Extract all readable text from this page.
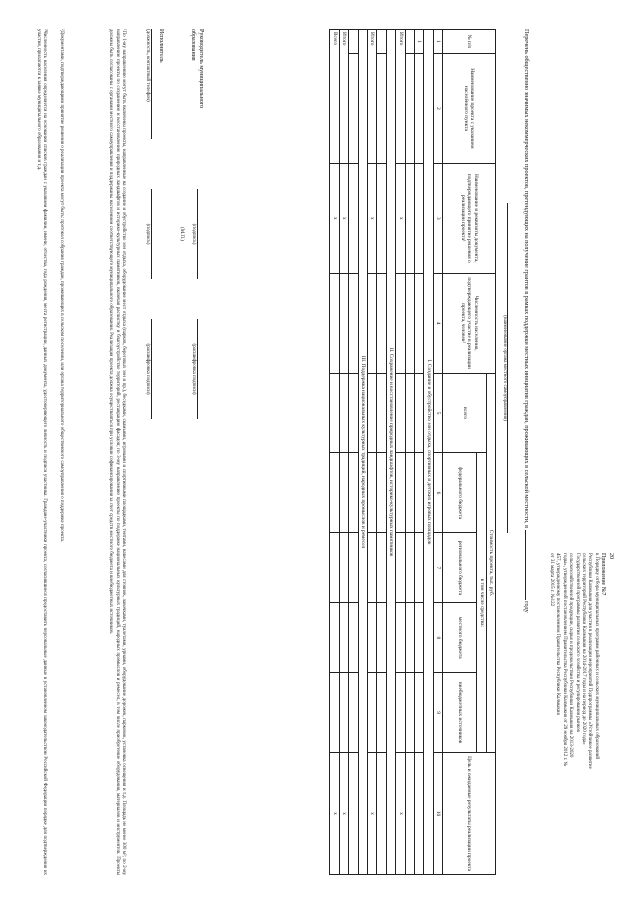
20
Приложение №7
к Порядку отбора муниципальных программ районных и сельских муниципальных образований
Республики Калмыкия для участия в реализации мероприятий Подпрограммы «Устойчивое развитие
сельских территорий Республики Калмыкия на 2014-2017 годы и на период до 2020 года»
Государственной программы развития сельского хозяйства и регулирования рынков
сельскохозяйственной продукции, сырья и продовольствия Республики Калмыкия на 2013-2020
годы», утвержденной постановлением Правительства Республики Калмыкия от 29 ноября 2012 г. №
457, утвержденному постановлением Правительства Республики Калмыкия
от 31 марта 2015 г. №122
Перечень общественно значимых некоммерческих проектов, претендующих на получение грантов в рамках поддержки местных инициатив граждан, проживающих в сельской местности, в  году
(наименование органа местного самоуправления)
№ п/п	Наименование проекта с указанием населённого пункта	Наименование и реквизиты документа, подтверждающего принятие решения о реализации проекта¹	Численность населения, подтверждающего участие в реализации проекта, человек²	Стоимость проекта, тыс. руб.					Цель и ожидаемые результаты реализации проекта
				всего	в том числе средства:				
					федерального бюджета	регионального бюджета	местного бюджета	внебюджетных источников	
1	2	3	4	5	6	7	8	9	10
I. Создание и обустройство зон отдыха, спортивных и детских игровых площадок									
1									

Итого		х							х
II. Сохранение и восстановление природных ландшафтов, историко-культурных памятников									

Итого		х							х
III. Поддержка национальных культурных традиций, народных промыслов и ремесел									

Итого		х							х
Всего		х							х
Руководитель муниципального образования
(подпись)
(расшифровка подписи)
(М.П.)
Исполнитель
(должность, контактный телефон)
(подпись)
(расшифровка подписи)
¹По 1-му направлению могут быть включены проекты, направленные на создание и обустройство зон отдыха, оборудование мест отдыха (парков, береговых зон и пр.), беседками, скамьями, игровыми и спортивными площадками, тентами, навесами для стоянок, лавочками, туалетами, урнами, оборудование дорожек, парковок, установка освещения и т.д. Площадь не менее 300 м²; по 2-му направлению проекты по сохранению и восстановлению природных ландшафтов и историко-культурных памятников, включая расчистку и благоустройство территорий, реставрацию фасадов; по 3-му направлению проекты по поддержке национальных культурных традиций, народных промыслов и ремесел, в том числе приобретение оборудования, материалов и инструментов. Проекты должны быть согласованы с органами местного самоуправления и поддержаны населением соответствующего муниципального образования. Реализация проекта должна осуществляться при условии софинансирования за счет средств местного бюджета и внебюджетных источников.
²Документами, подтверждающими принятие решения о реализации проекта могут быть: протокол собрания граждан, проживающих в сельском поселении, или органа территориального общественного самоуправления о поддержке проекта.
³Численность населения определяется на основании списков граждан с указанием фамилии, имени, отчества, года рождения, места регистрации, данных документа, удостоверяющего личность и подписи участника. Граждане-участники проекта, согласившиеся предоставить персональные данные в установленном законодательством Российской Федерации порядке для подтверждения их участия, прилагаются к заявке муниципального образования и т.д.
